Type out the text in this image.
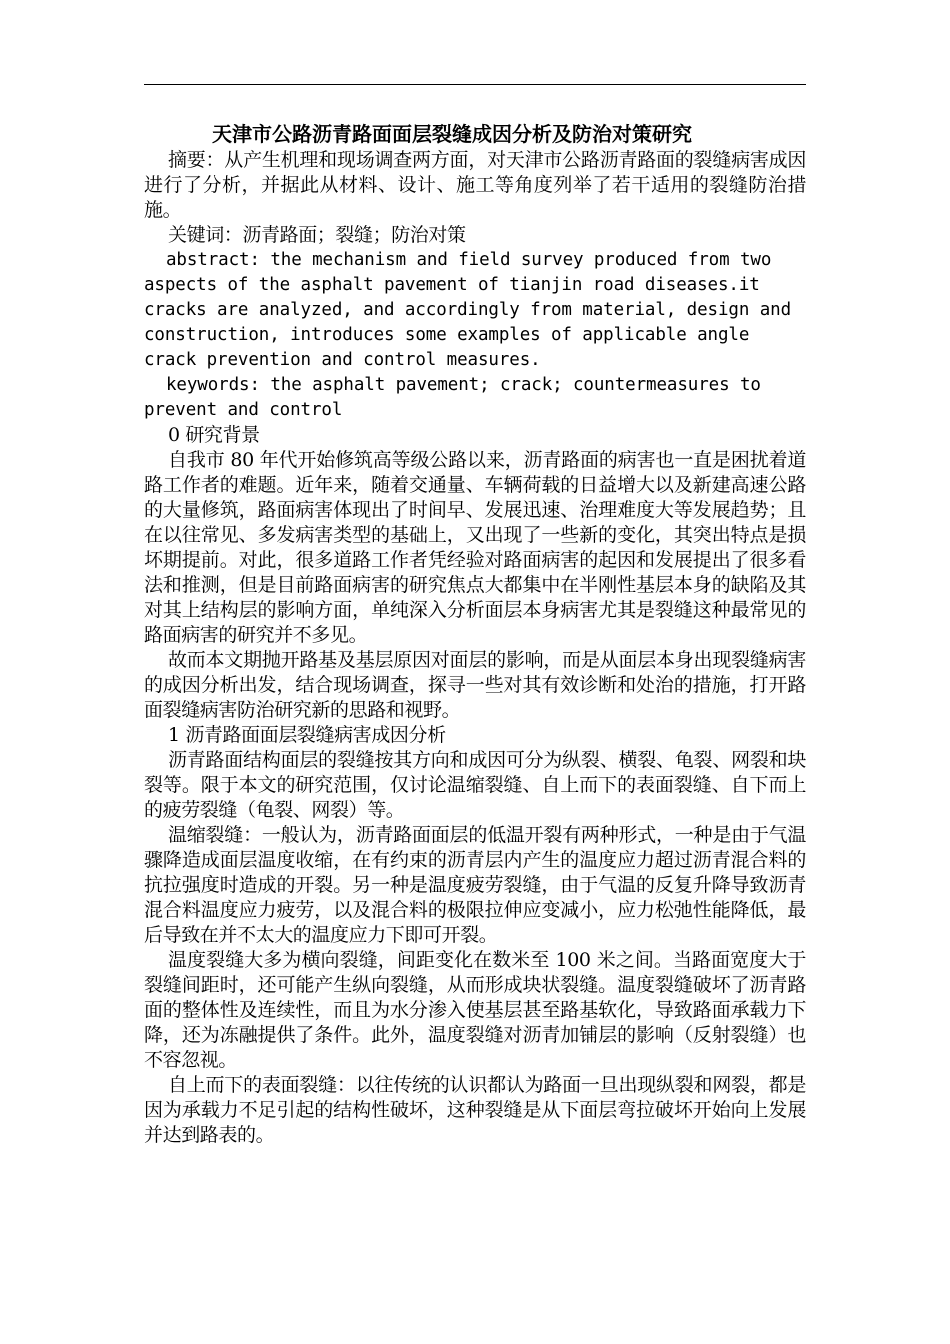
天津市公路沥青路面面层裂缝成因分析及防治对策研究

摘要：从产生机理和现场调查两方面，对天津市公路沥青路面的裂缝病害成因进行了分析，并据此从材料、设计、施工等角度列举了若干适用的裂缝防治措施。

关键词：沥青路面；裂缝；防治对策

abstract: the mechanism and field survey produced from two aspects of the asphalt pavement of tianjin road diseases.it cracks are analyzed, and accordingly from material, design and construction, introduces some examples of applicable angle crack prevention and control measures.

keywords: the asphalt pavement; crack; countermeasures to prevent and control

0 研究背景

自我市 80 年代开始修筑高等级公路以来，沥青路面的病害也一直是困扰着道路工作者的难题。近年来，随着交通量、车辆荷载的日益增大以及新建高速公路的大量修筑，路面病害体现出了时间早、发展迅速、治理难度大等发展趋势；且在以往常见、多发病害类型的基础上，又出现了一些新的变化，其突出特点是损坏期提前。对此，很多道路工作者凭经验对路面病害的起因和发展提出了很多看法和推测，但是目前路面病害的研究焦点大都集中在半刚性基层本身的缺陷及其对其上结构层的影响方面，单纯深入分析面层本身病害尤其是裂缝这种最常见的路面病害的研究并不多见。

故而本文期抛开路基及基层原因对面层的影响，而是从面层本身出现裂缝病害的成因分析出发，结合现场调查，探寻一些对其有效诊断和处治的措施，打开路面裂缝病害防治研究新的思路和视野。

1 沥青路面面层裂缝病害成因分析

沥青路面结构面层的裂缝按其方向和成因可分为纵裂、横裂、龟裂、网裂和块裂等。限于本文的研究范围，仅讨论温缩裂缝、自上而下的表面裂缝、自下而上的疲劳裂缝（龟裂、网裂）等。

温缩裂缝：一般认为，沥青路面面层的低温开裂有两种形式，一种是由于气温骤降造成面层温度收缩，在有约束的沥青层内产生的温度应力超过沥青混合料的抗拉强度时造成的开裂。另一种是温度疲劳裂缝，由于气温的反复升降导致沥青混合料温度应力疲劳，以及混合料的极限拉伸应变减小，应力松弛性能降低，最后导致在并不太大的温度应力下即可开裂。

温度裂缝大多为横向裂缝，间距变化在数米至 100 米之间。当路面宽度大于裂缝间距时，还可能产生纵向裂缝，从而形成块状裂缝。温度裂缝破坏了沥青路面的整体性及连续性，而且为水分渗入使基层甚至路基软化，导致路面承载力下降，还为冻融提供了条件。此外，温度裂缝对沥青加铺层的影响（反射裂缝）也不容忽视。

自上而下的表面裂缝：以往传统的认识都认为路面一旦出现纵裂和网裂，都是因为承载力不足引起的结构性破坏，这种裂缝是从下面层弯拉破坏开始向上发展并达到路表的。
